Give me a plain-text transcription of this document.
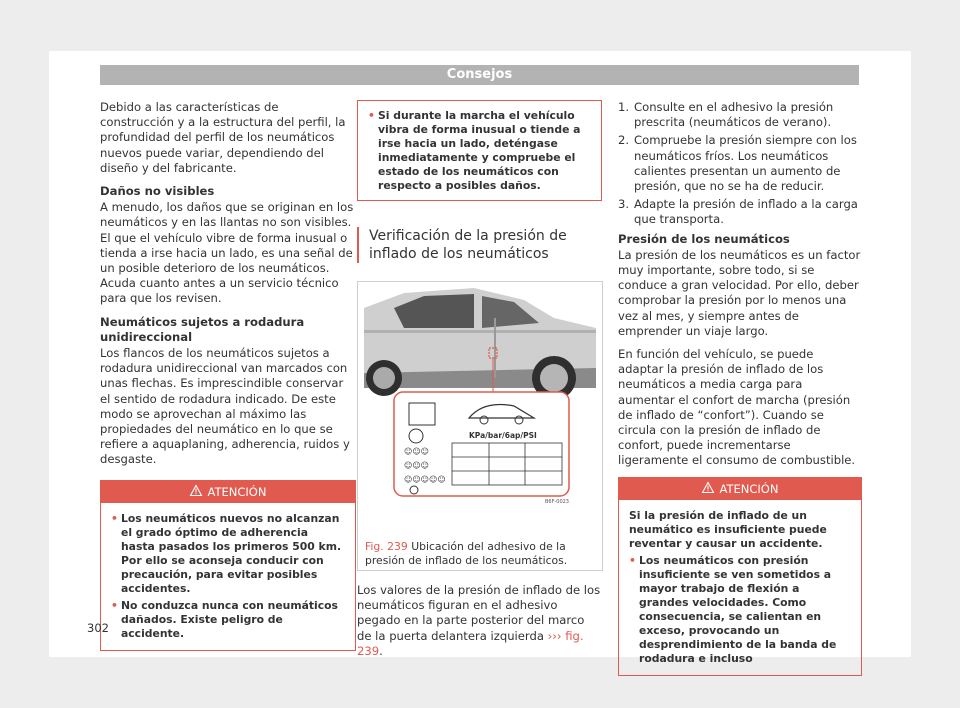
Consejos

Debido a las características de construcción y a la estructura del perfil, la profundidad del perfil de los neumáticos nuevos puede variar, dependiendo del diseño y del fabricante.

Daños no visibles

A menudo, los daños que se originan en los neumáticos y en las llantas no son visibles. El que el vehículo vibre de forma inusual o tienda a irse hacia un lado, es una señal de un posible deterioro de los neumáticos. Acuda cuanto antes a un servicio técnico para que los revisen.

Neumáticos sujetos a rodadura unidireccional

Los flancos de los neumáticos sujetos a rodadura unidireccional van marcados con unas flechas. Es imprescindible conservar el sentido de rodadura indicado. De este modo se aprovechan al máximo las propiedades del neumático en lo que se refiere a aquaplaning, adherencia, ruidos y desgaste.

ATENCIÓN
• Los neumáticos nuevos no alcanzan el grado óptimo de adherencia hasta pasados los primeros 500 km. Por ello se aconseja conducir con precaución, para evitar posibles accidentes.
• No conduzca nunca con neumáticos dañados. Existe peligro de accidente.
• Si durante la marcha el vehículo vibra de forma inusual o tiende a irse hacia un lado, deténgase inmediatamente y compruebe el estado de los neumáticos con respecto a posibles daños.
Verificación de la presión de inflado de los neumáticos
KPa/bar/6ap/PSI
☺☺☺
☺☺☺
☺☺☺☺☺
B6F-0023
Fig. 239 Ubicación del adhesivo de la presión de inflado de los neumáticos.

Los valores de la presión de inflado de los neumáticos figuran en el adhesivo pegado en la parte posterior del marco de la puerta delantera izquierda ››› fig. 239.

1. Consulte en el adhesivo la presión prescrita (neumáticos de verano).
2. Compruebe la presión siempre con los neumáticos fríos. Los neumáticos calientes presentan un aumento de presión, que no se ha de reducir.
3. Adapte la presión de inflado a la carga que transporta.

Presión de los neumáticos

La presión de los neumáticos es un factor muy importante, sobre todo, si se conduce a gran velocidad. Por ello, deber comprobar la presión por lo menos una vez al mes, y siempre antes de emprender un viaje largo.

En función del vehículo, se puede adaptar la presión de inflado de los neumáticos a media carga para aumentar el confort de marcha (presión de inflado de “confort”). Cuando se circula con la presión de inflado de confort, puede incrementarse ligeramente el consumo de combustible.

ATENCIÓN
Si la presión de inflado de un neumático es insuficiente puede reventar y causar un accidente.
• Los neumáticos con presión insuficiente se ven sometidos a mayor trabajo de flexión a grandes velocidades. Como consecuencia, se calientan en exceso, provocando un desprendimiento de la banda de rodadura e incluso
302
